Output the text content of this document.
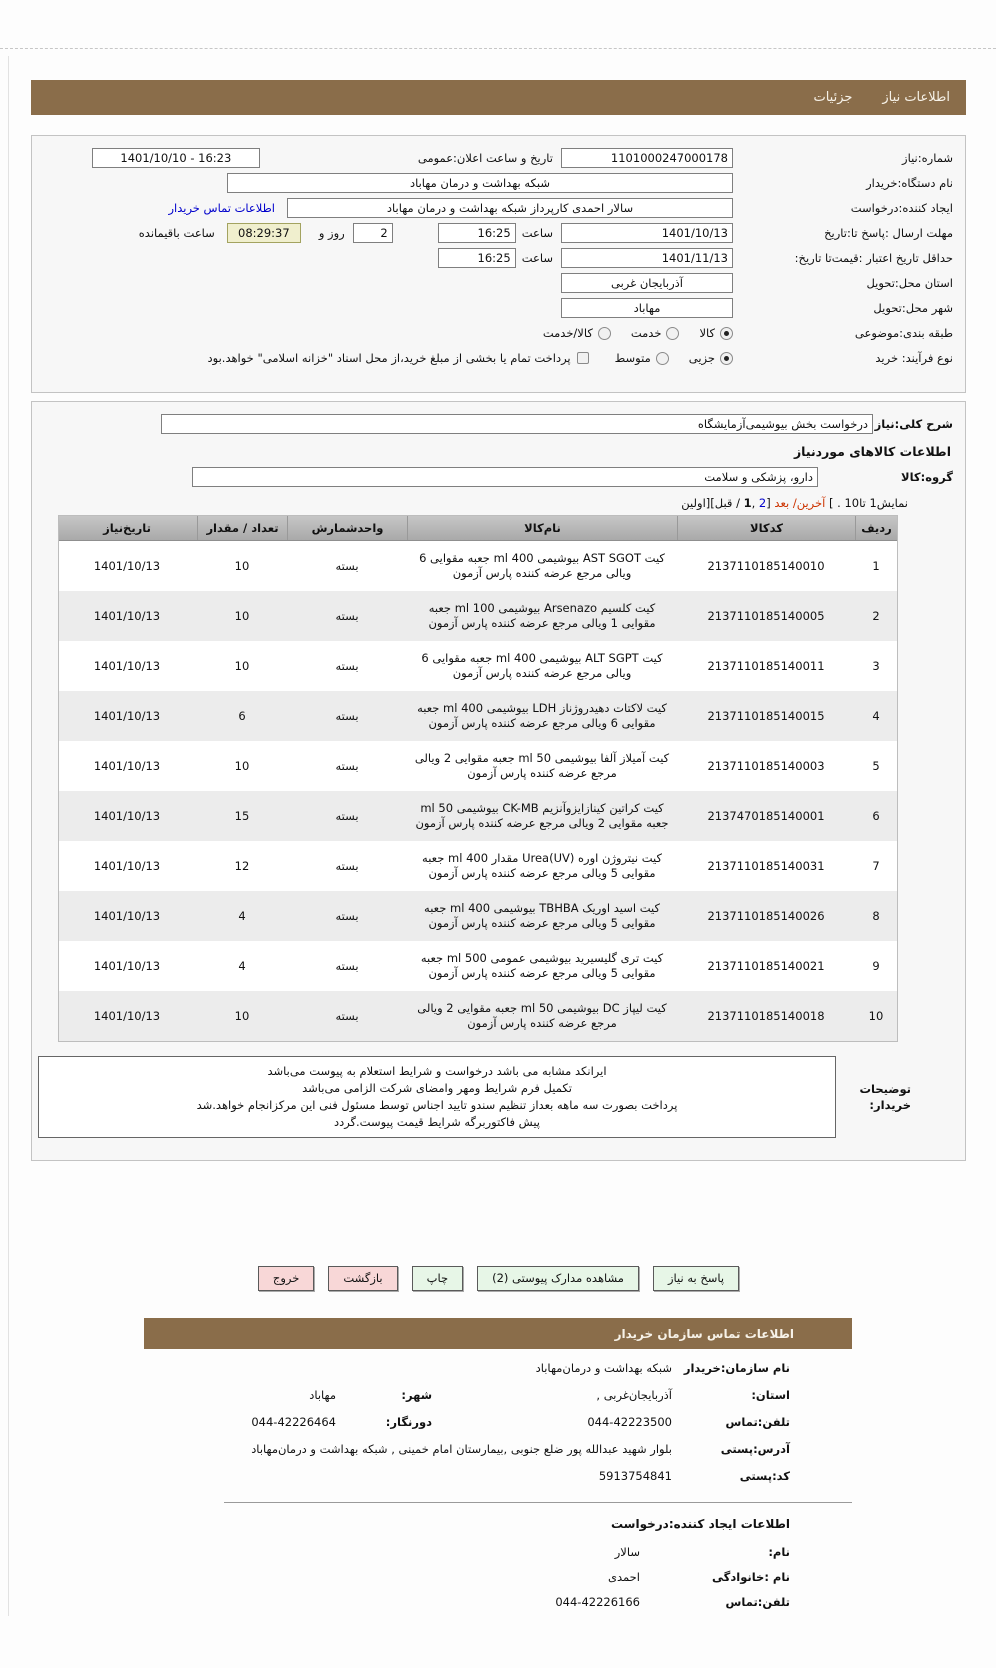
اطلاعات نیاز
جزئیات
شماره:نیاز
1101000247000178
تاریخ و ساعت اعلان:عمومی
1401/10/10 - 16:23
نام دستگاه:خریدار
شبکه بهداشت و درمان مهاباد
ایجاد کننده:درخواست
سالار احمدی کارپرداز شبکه بهداشت و درمان مهاباد
اطلاعات تماس خریدار
مهلت ارسال :پاسخ تا:تاریخ
1401/10/13
ساعت
16:25
2
روز و
08:29:37
ساعت باقیمانده
حداقل تاریخ اعتبار :قیمت‌تا تاریخ:
1401/11/13
ساعت
16:25
استان محل:تحویل
آذربایجان غربی
شهر محل:تحویل
مهاباد
طبقه بندی:موضوعی
کالا
خدمت
کالا/خدمت
نوع فرآیند: خرید
جزیی
متوسط
پرداخت تمام یا بخشی از مبلغ خرید،از محل اسناد "خزانه اسلامی" خواهد.بود
شرح کلی:نیاز
درخواست بخش بیوشیمی‌آزمایشگاه
اطلاعات کالاهای موردنیاز
گروه:کالا
دارو، پزشکی و سلامت
نمایش1 تا10 . ] آخرین/ بعد [2 ,1 / قبل][اولین
ردیف
کدکالا
نام‌کالا
واحدشمارش
تعداد / مقدار
تاریخ‌نیاز
1
2137110185140010
کیت AST SGOT بیوشیمی 400 ml جعبه مقوایی 6 ویالی مرجع عرضه کننده پارس آزمون
بسته
10
1401/10/13
2
2137110185140005
کیت کلسیم Arsenazo بیوشیمی 100 ml جعبه مقوایی 1 ویالی مرجع عرضه کننده پارس آزمون
بسته
10
1401/10/13
3
2137110185140011
کیت ALT SGPT بیوشیمی 400 ml جعبه مقوایی 6 ویالی مرجع عرضه کننده پارس آزمون
بسته
10
1401/10/13
4
2137110185140015
کیت لاکتات دهیدروژناز LDH بیوشیمی 400 ml جعبه مقوایی 6 ویالی مرجع عرضه کننده پارس آزمون
بسته
6
1401/10/13
5
2137110185140003
کیت آمیلاز آلفا بیوشیمی 50 ml جعبه مقوایی 2 ویالی مرجع عرضه کننده پارس آزمون
بسته
10
1401/10/13
6
2137470185140001
کیت کراتین کینازایزوآنزیم CK-MB بیوشیمی 50 ml جعبه مقوایی 2 ویالی مرجع عرضه کننده پارس آزمون
بسته
15
1401/10/13
7
2137110185140031
کیت نیتروژن اوره Urea(UV) مقدار 400 ml جعبه مقوایی 5 ویالی مرجع عرضه کننده پارس آزمون
بسته
12
1401/10/13
8
2137110185140026
کیت اسید اوریک TBHBA بیوشیمی 400 ml جعبه مقوایی 5 ویالی مرجع عرضه کننده پارس آزمون
بسته
4
1401/10/13
9
2137110185140021
کیت تری گلیسیرید بیوشیمی عمومی 500 ml جعبه مقوایی 5 ویالی مرجع عرضه کننده پارس آزمون
بسته
4
1401/10/13
10
2137110185140018
کیت لیپاز DC بیوشیمی 50 ml جعبه مقوایی 2 ویالی مرجع عرضه کننده پارس آزمون
بسته
10
1401/10/13
توضیحات خریدار:
ایرانکد مشابه می باشد درخواست و شرایط استعلام به پیوست می‌باشد
تکمیل فرم شرایط ومهر وامضای شرکت الزامی می‌باشد
پرداخت بصورت سه ماهه بعداز تنظیم سندو تایید اجناس توسط مسئول فنی این مرکزانجام خواهد.شد
پیش فاکتوربرگه شرایط قیمت پیوست.گردد
پاسخ به نیاز
مشاهده مدارک پیوستی (2)
چاپ
بازگشت
خروج
اطلاعات تماس سازمان خریدار
نام سازمان:خریدار
شبکه بهداشت و درمان‌مهاباد
استان:
آذربایجان‌غربی ,
شهر:
مهاباد
تلفن:تماس
044-42223500
دورنگار:
044-42226464
آدرس:پستی
بلوار شهید عبدالله پور ضلع جنوبی ,بیمارستان امام خمینی , شبکه بهداشت و درمان‌مهاباد
کد:پستی
5913754841
اطلاعات ایجاد کننده:درخواست
نام:
سالار
نام :خانوادگی
احمدی
تلفن:تماس
044-42226166
